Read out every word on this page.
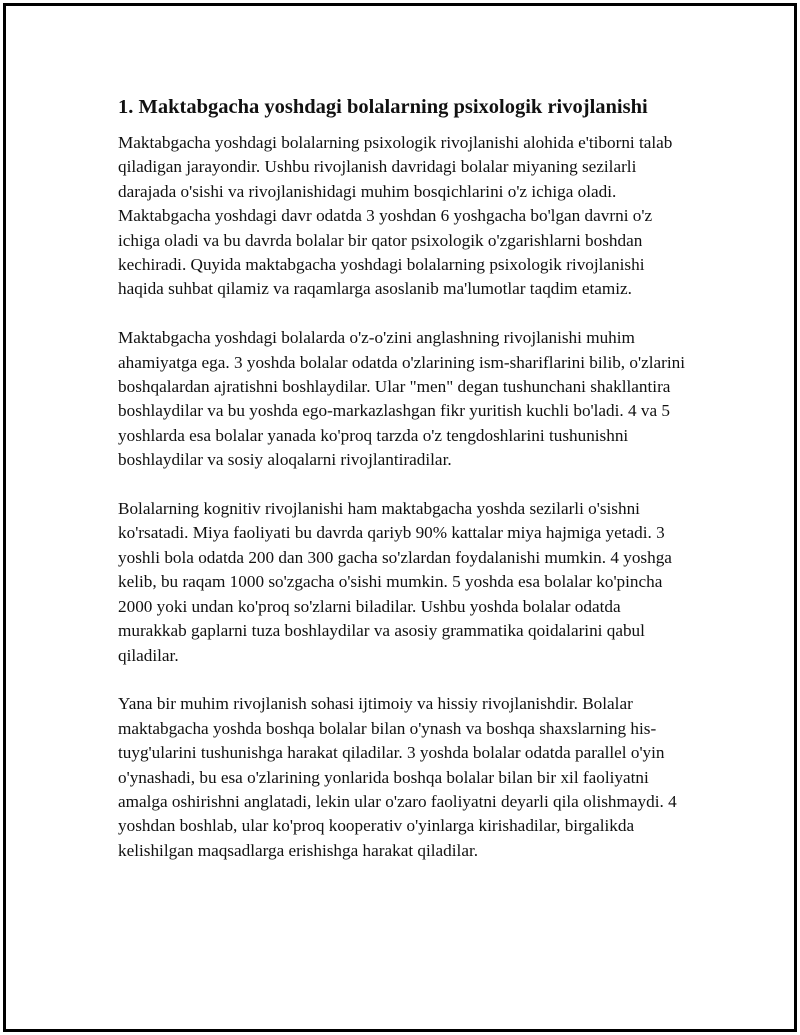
1. Maktabgacha yoshdagi bolalarning psixologik rivojlanishi

Maktabgacha yoshdagi bolalarning psixologik rivojlanishi alohida e'tiborni talab qiladigan jarayondir. Ushbu rivojlanish davridagi bolalar miyaning sezilarli darajada o'sishi va rivojlanishidagi muhim bosqichlarini o'z ichiga oladi. Maktabgacha yoshdagi davr odatda 3 yoshdan 6 yoshgacha bo'lgan davrni o'z ichiga oladi va bu davrda bolalar bir qator psixologik o'zgarishlarni boshdan kechiradi. Quyida maktabgacha yoshdagi bolalarning psixologik rivojlanishi haqida suhbat qilamiz va raqamlarga asoslanib ma'lumotlar taqdim etamiz.

Maktabgacha yoshdagi bolalarda o'z-o'zini anglashning rivojlanishi muhim ahamiyatga ega. 3 yoshda bolalar odatda o'zlarining ism-shariflarini bilib, o'zlarini boshqalardan ajratishni boshlaydilar. Ular "men" degan tushunchani shakllantira boshlaydilar va bu yoshda ego-markazlashgan fikr yuritish kuchli bo'ladi. 4 va 5 yoshlarda esa bolalar yanada ko'proq tarzda o'z tengdoshlarini tushunishni boshlaydilar va sosiy aloqalarni rivojlantiradilar.

Bolalarning kognitiv rivojlanishi ham maktabgacha yoshda sezilarli o'sishni ko'rsatadi. Miya faoliyati bu davrda qariyb 90% kattalar miya hajmiga yetadi. 3 yoshli bola odatda 200 dan 300 gacha so'zlardan foydalanishi mumkin. 4 yoshga kelib, bu raqam 1000 so'zgacha o'sishi mumkin. 5 yoshda esa bolalar ko'pincha 2000 yoki undan ko'proq so'zlarni biladilar. Ushbu yoshda bolalar odatda murakkab gaplarni tuza boshlaydilar va asosiy grammatika qoidalarini qabul qiladilar.

Yana bir muhim rivojlanish sohasi ijtimoiy va hissiy rivojlanishdir. Bolalar maktabgacha yoshda boshqa bolalar bilan o'ynash va boshqa shaxslarning his-tuyg'ularini tushunishga harakat qiladilar. 3 yoshda bolalar odatda parallel o'yin o'ynashadi, bu esa o'zlarining yonlarida boshqa bolalar bilan bir xil faoliyatni amalga oshirishni anglatadi, lekin ular o'zaro faoliyatni deyarli qila olishmaydi. 4 yoshdan boshlab, ular ko'proq kooperativ o'yinlarga kirishadilar, birgalikda kelishilgan maqsadlarga erishishga harakat qiladilar.
